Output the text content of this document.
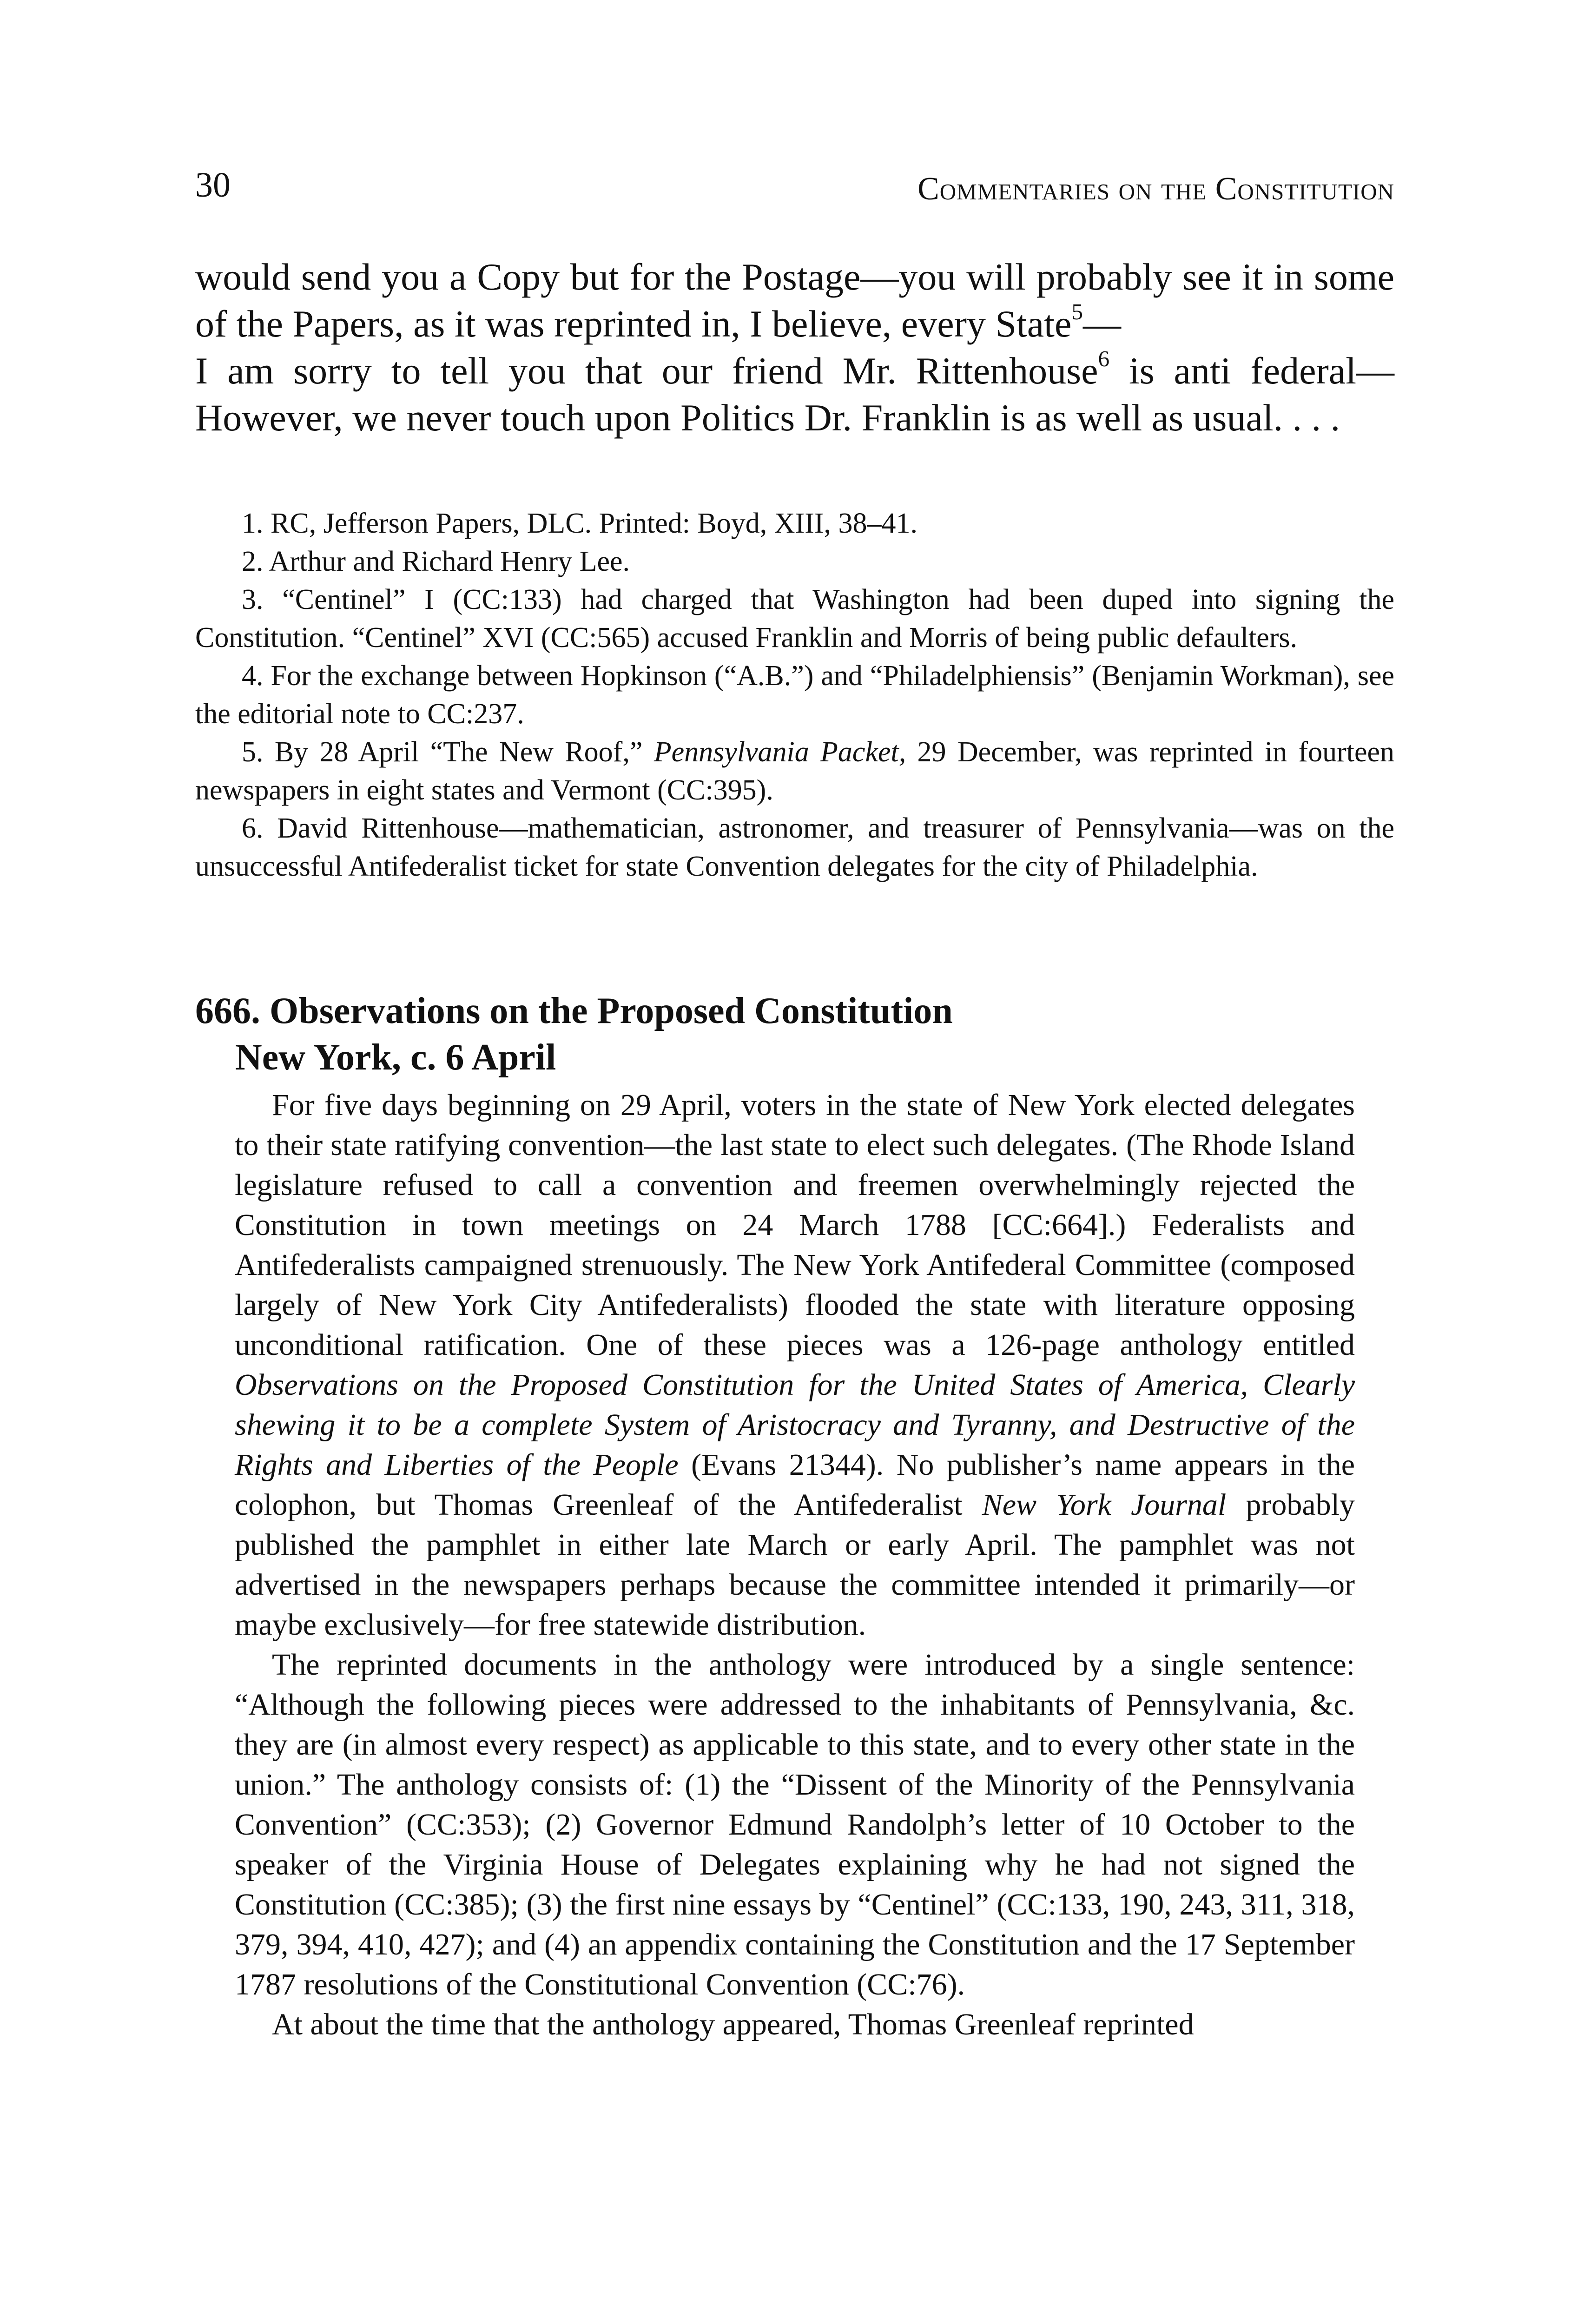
30	Commentaries on the Constitution

would send you a Copy but for the Postage—you will probably see it in some of the Papers, as it was reprinted in, I believe, every State$^5$—

I am sorry to tell you that our friend Mr. Rittenhouse$^6$ is anti federal—However, we never touch upon Politics Dr. Franklin is as well as usual. . . .

1. RC, Jefferson Papers, DLC. Printed: Boyd, XIII, 38–41.

2. Arthur and Richard Henry Lee.

3. “Centinel” I (CC:133) had charged that Washington had been duped into signing the Constitution. “Centinel” XVI (CC:565) accused Franklin and Morris of being public defaulters.

4. For the exchange between Hopkinson (“A.B.”) and “Philadelphiensis” (Benjamin Workman), see the editorial note to CC:237.

5. By 28 April “The New Roof,” Pennsylvania Packet, 29 December, was reprinted in fourteen newspapers in eight states and Vermont (CC:395).

6. David Rittenhouse—mathematician, astronomer, and treasurer of Pennsylvania—was on the unsuccessful Antifederalist ticket for state Convention delegates for the city of Philadelphia.

666. Observations on the Proposed Constitution
New York, c. 6 April

For five days beginning on 29 April, voters in the state of New York elected delegates to their state ratifying convention—the last state to elect such delegates. (The Rhode Island legislature refused to call a convention and freemen overwhelmingly rejected the Constitution in town meetings on 24 March 1788 [CC:664].) Federalists and Antifederalists campaigned strenuously. The New York Antifederal Committee (composed largely of New York City Antifederalists) flooded the state with literature opposing unconditional ratification. One of these pieces was a 126-page anthology entitled Observations on the Proposed Constitution for the United States of America, Clearly shewing it to be a complete System of Aristocracy and Tyranny, and Destructive of the Rights and Liberties of the People (Evans 21344). No publisher’s name appears in the colophon, but Thomas Greenleaf of the Antifederalist New York Journal probably published the pamphlet in either late March or early April. The pamphlet was not advertised in the newspapers perhaps because the committee intended it primarily—or maybe exclusively—for free statewide distribution.

The reprinted documents in the anthology were introduced by a single sentence: “Although the following pieces were addressed to the inhabitants of Pennsylvania, &c. they are (in almost every respect) as applicable to this state, and to every other state in the union.” The anthology consists of: (1) the “Dissent of the Minority of the Pennsylvania Convention” (CC:353); (2) Governor Edmund Randolph’s letter of 10 October to the speaker of the Virginia House of Delegates explaining why he had not signed the Constitution (CC:385); (3) the first nine essays by “Centinel” (CC:133, 190, 243, 311, 318, 379, 394, 410, 427); and (4) an appendix containing the Constitution and the 17 September 1787 resolutions of the Constitutional Convention (CC:76).

At about the time that the anthology appeared, Thomas Greenleaf reprinted
